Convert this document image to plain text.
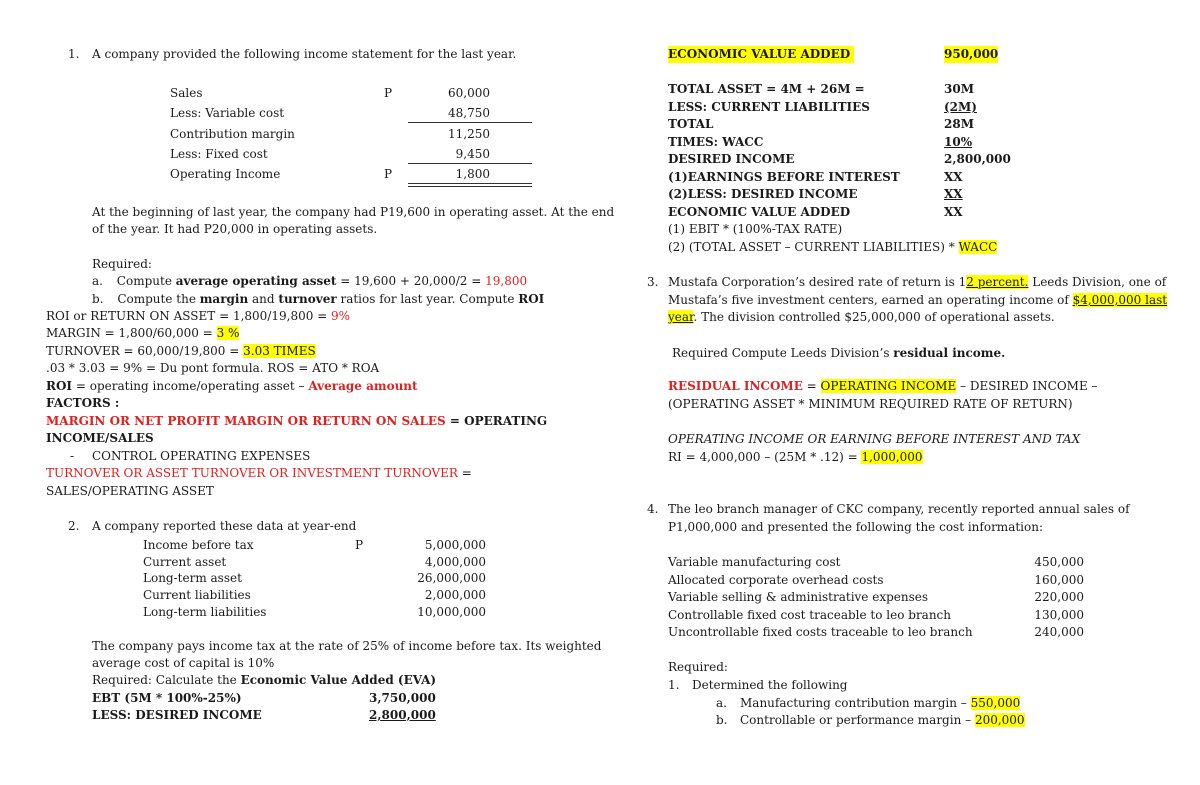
1. A company provided the following income statement for the last year.
Sales	P	60,000
Less: Variable cost	48,750
Contribution margin	11,250
Less: Fixed cost	9,450
Operating Income	P	1,800
At the beginning of last year, the company had P19,600 in operating asset. At the end
of the year. It had P20,000 in operating assets.
Required:
a. Compute average operating asset = 19,600 + 20,000/2 = 19,800
b. Compute the margin and turnover ratios for last year. Compute ROI
ROI or RETURN ON ASSET = 1,800/19,800 = 9%
MARGIN = 1,800/60,000 = 3 %
TURNOVER = 60,000/19,800 = 3.03 TIMES
.03 * 3.03 = 9% = Du pont formula. ROS = ATO * ROA
ROI = operating income/operating asset – Average amount
FACTORS :
MARGIN OR NET PROFIT MARGIN OR RETURN ON SALES = OPERATING
INCOME/SALES
- CONTROL OPERATING EXPENSES
TURNOVER OR ASSET TURNOVER OR INVESTMENT TURNOVER =
SALES/OPERATING ASSET
2. A company reported these data at year-end
Income before tax	P	5,000,000
Current asset	4,000,000
Long-term asset	26,000,000
Current liabilities	2,000,000
Long-term liabilities	10,000,000
The company pays income tax at the rate of 25% of income before tax. Its weighted
average cost of capital is 10%
Required: Calculate the Economic Value Added (EVA)
EBT (5M * 100%-25%)	3,750,000
LESS: DESIRED INCOME	2,800,000
ECONOMIC VALUE ADDED	950,000
TOTAL ASSET = 4M + 26M =	30M
LESS: CURRENT LIABILITIES	(2M)
TOTAL	28M
TIMES: WACC	10%
DESIRED INCOME	2,800,000
(1)EARNINGS BEFORE INTEREST	XX
(2)LESS: DESIRED INCOME	XX
ECONOMIC VALUE ADDED	XX
(1) EBIT * (100%-TAX RATE)
(2) (TOTAL ASSET – CURRENT LIABILITIES) * WACC
3. Mustafa Corporation’s desired rate of return is 12 percent. Leeds Division, one of
Mustafa’s five investment centers, earned an operating income of $4,000,000 last
year. The division controlled $25,000,000 of operational assets.
Required Compute Leeds Division’s residual income.
RESIDUAL INCOME = OPERATING INCOME – DESIRED INCOME –
(OPERATING ASSET * MINIMUM REQUIRED RATE OF RETURN)
OPERATING INCOME OR EARNING BEFORE INTEREST AND TAX
RI = 4,000,000 – (25M * .12) = 1,000,000
4. The leo branch manager of CKC company, recently reported annual sales of
P1,000,000 and presented the following the cost information:
Variable manufacturing cost	450,000
Allocated corporate overhead costs	160,000
Variable selling & administrative expenses	220,000
Controllable fixed cost traceable to leo branch	130,000
Uncontrollable fixed costs traceable to leo branch	240,000
Required:
1. Determined the following
a. Manufacturing contribution margin – 550,000
b. Controllable or performance margin – 200,000
